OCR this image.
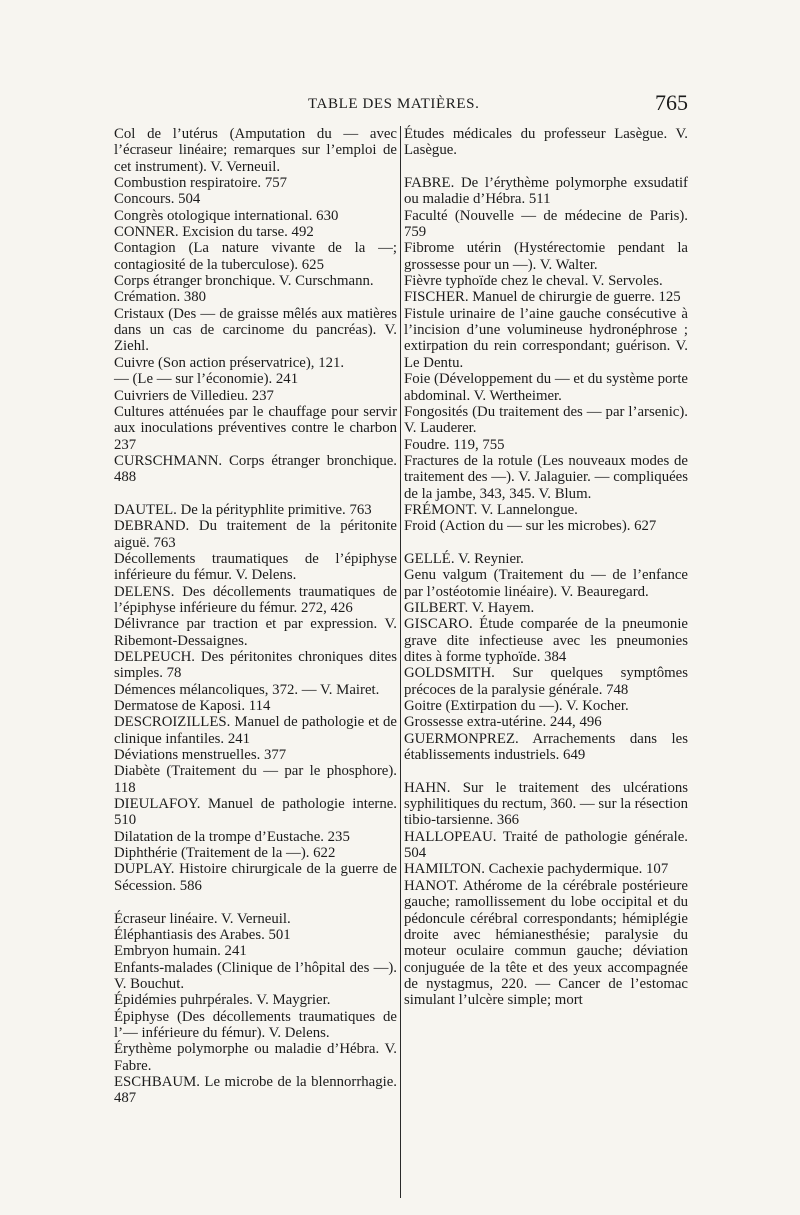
TABLE DES MATIÈRES.	765
Col de l’utérus (Amputation du — avec l’écraseur linéaire; remarques sur l’emploi de cet instrument). V. Verneuil.
Combustion respiratoire. 757
Concours. 504
Congrès otologique international. 630
CONNER. Excision du tarse. 492
Contagion (La nature vivante de la —; contagiosité de la tuberculose). 625
Corps étranger bronchique. V. Curschmann.
Crémation. 380
Cristaux (Des — de graisse mêlés aux matières dans un cas de carcinome du pancréas). V. Ziehl.
Cuivre (Son action préservatrice), 121.
— (Le — sur l’économie). 241
Cuivriers de Villedieu. 237
Cultures atténuées par le chauffage pour servir aux inoculations préventives contre le charbon 237
CURSCHMANN. Corps étranger bronchique. 488
DAUTEL. De la pérityphlite primitive. 763
DEBRAND. Du traitement de la péritonite aiguë. 763
Décollements traumatiques de l’épiphyse inférieure du fémur. V. Delens.
DELENS. Des décollements traumatiques de l’épiphyse inférieure du fémur. 272, 426
Délivrance par traction et par expression. V. Ribemont-Dessaignes.
DELPEUCH. Des péritonites chroniques dites simples. 78
Démences mélancoliques, 372. — V. Mairet.
Dermatose de Kaposi. 114
DESCROIZILLES. Manuel de pathologie et de clinique infantiles. 241
Déviations menstruelles. 377
Diabète (Traitement du — par le phosphore). 118
DIEULAFOY. Manuel de pathologie interne. 510
Dilatation de la trompe d’Eustache. 235
Diphthérie (Traitement de la —). 622
DUPLAY. Histoire chirurgicale de la guerre de Sécession. 586
Écraseur linéaire. V. Verneuil.
Éléphantiasis des Arabes. 501
Embryon humain. 241
Enfants-malades (Clinique de l’hôpital des —). V. Bouchut.
Épidémies puhrpérales. V. Maygrier.
Épiphyse (Des décollements traumatiques de l’— inférieure du fémur). V. Delens.
Érythème polymorphe ou maladie d’Hébra. V. Fabre.
ESCHBAUM. Le microbe de la blennorrhagie. 487
Études médicales du professeur Lasègue. V. Lasègue.
FABRE. De l’érythème polymorphe exsudatif ou maladie d’Hébra. 511
Faculté (Nouvelle — de médecine de Paris). 759
Fibrome utérin (Hystérectomie pendant la grossesse pour un —). V. Walter.
Fièvre typhoïde chez le cheval. V. Servoles.
FISCHER. Manuel de chirurgie de guerre. 125
Fistule urinaire de l’aine gauche consécutive à l’incision d’une volumineuse hydronéphrose ; extirpation du rein correspondant; guérison. V. Le Dentu.
Foie (Développement du — et du système porte abdominal. V. Wertheimer.
Fongosités (Du traitement des — par l’arsenic). V. Lauderer.
Foudre. 119, 755
Fractures de la rotule (Les nouveaux modes de traitement des —). V. Jalaguier. — compliquées de la jambe, 343, 345. V. Blum.
FRÉMONT. V. Lannelongue.
Froid (Action du — sur les microbes). 627
GELLÉ. V. Reynier.
Genu valgum (Traitement du — de l’enfance par l’ostéotomie linéaire). V. Beauregard.
GILBERT. V. Hayem.
GISCARO. Étude comparée de la pneumonie grave dite infectieuse avec les pneumonies dites à forme typhoïde. 384
GOLDSMITH. Sur quelques symptômes précoces de la paralysie générale. 748
Goitre (Extirpation du —). V. Kocher.
Grossesse extra-utérine. 244, 496
GUERMONPREZ. Arrachements dans les établissements industriels. 649
HAHN. Sur le traitement des ulcérations syphilitiques du rectum, 360. — sur la résection tibio-tarsienne. 366
HALLOPEAU. Traité de pathologie générale. 504
HAMILTON. Cachexie pachydermique. 107
HANOT. Athérome de la cérébrale postérieure gauche; ramollissement du lobe occipital et du pédoncule cérébral correspondants; hémiplégie droite avec hémianesthésie; paralysie du moteur oculaire commun gauche; déviation conjuguée de la tête et des yeux accompagnée de nystagmus, 220. — Cancer de l’estomac simulant l’ulcère simple; mort
